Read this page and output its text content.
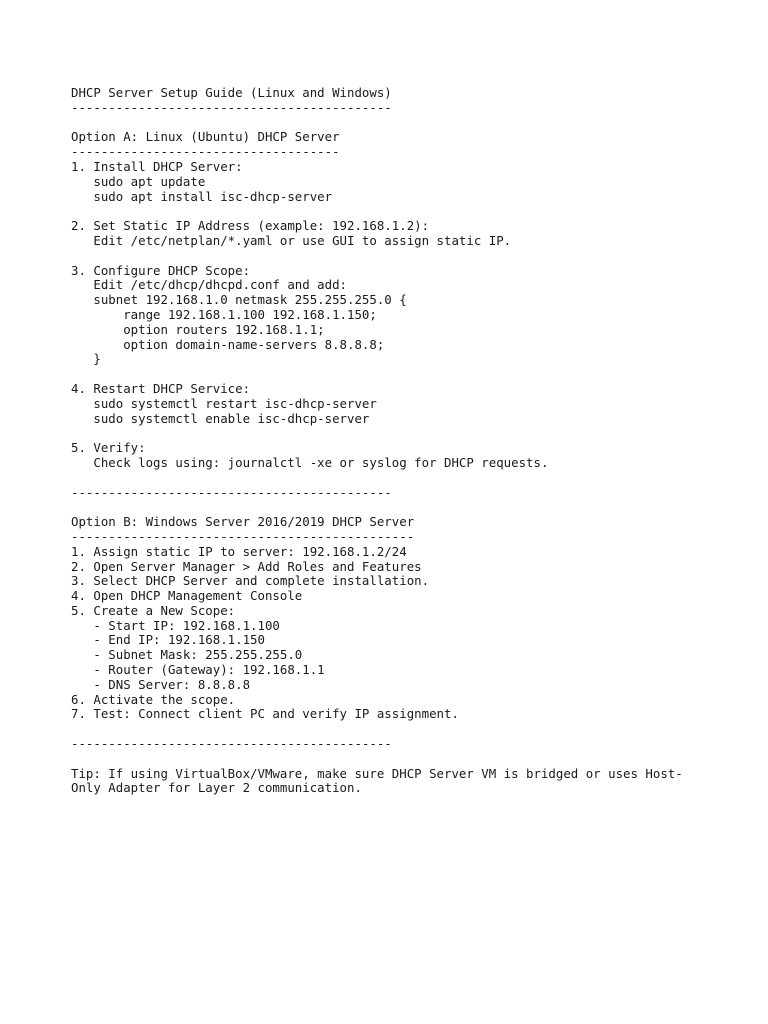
DHCP Server Setup Guide (Linux and Windows)
-------------------------------------------
Option A: Linux (Ubuntu) DHCP Server
------------------------------------
1. Install DHCP Server:
sudo apt update
sudo apt install isc-dhcp-server
2. Set Static IP Address (example: 192.168.1.2):
Edit /etc/netplan/*.yaml or use GUI to assign static IP.
3. Configure DHCP Scope:
Edit /etc/dhcp/dhcpd.conf and add:
subnet 192.168.1.0 netmask 255.255.255.0 {
range 192.168.1.100 192.168.1.150;
option routers 192.168.1.1;
option domain-name-servers 8.8.8.8;
}
4. Restart DHCP Service:
sudo systemctl restart isc-dhcp-server
sudo systemctl enable isc-dhcp-server
5. Verify:
Check logs using: journalctl -xe or syslog for DHCP requests.
-------------------------------------------
Option B: Windows Server 2016/2019 DHCP Server
----------------------------------------------
1. Assign static IP to server: 192.168.1.2/24
2. Open Server Manager > Add Roles and Features
3. Select DHCP Server and complete installation.
4. Open DHCP Management Console
5. Create a New Scope:
- Start IP: 192.168.1.100
- End IP: 192.168.1.150
- Subnet Mask: 255.255.255.0
- Router (Gateway): 192.168.1.1
- DNS Server: 8.8.8.8
6. Activate the scope.
7. Test: Connect client PC and verify IP assignment.
-------------------------------------------
Tip: If using VirtualBox/VMware, make sure DHCP Server VM is bridged or uses Host-
Only Adapter for Layer 2 communication.
